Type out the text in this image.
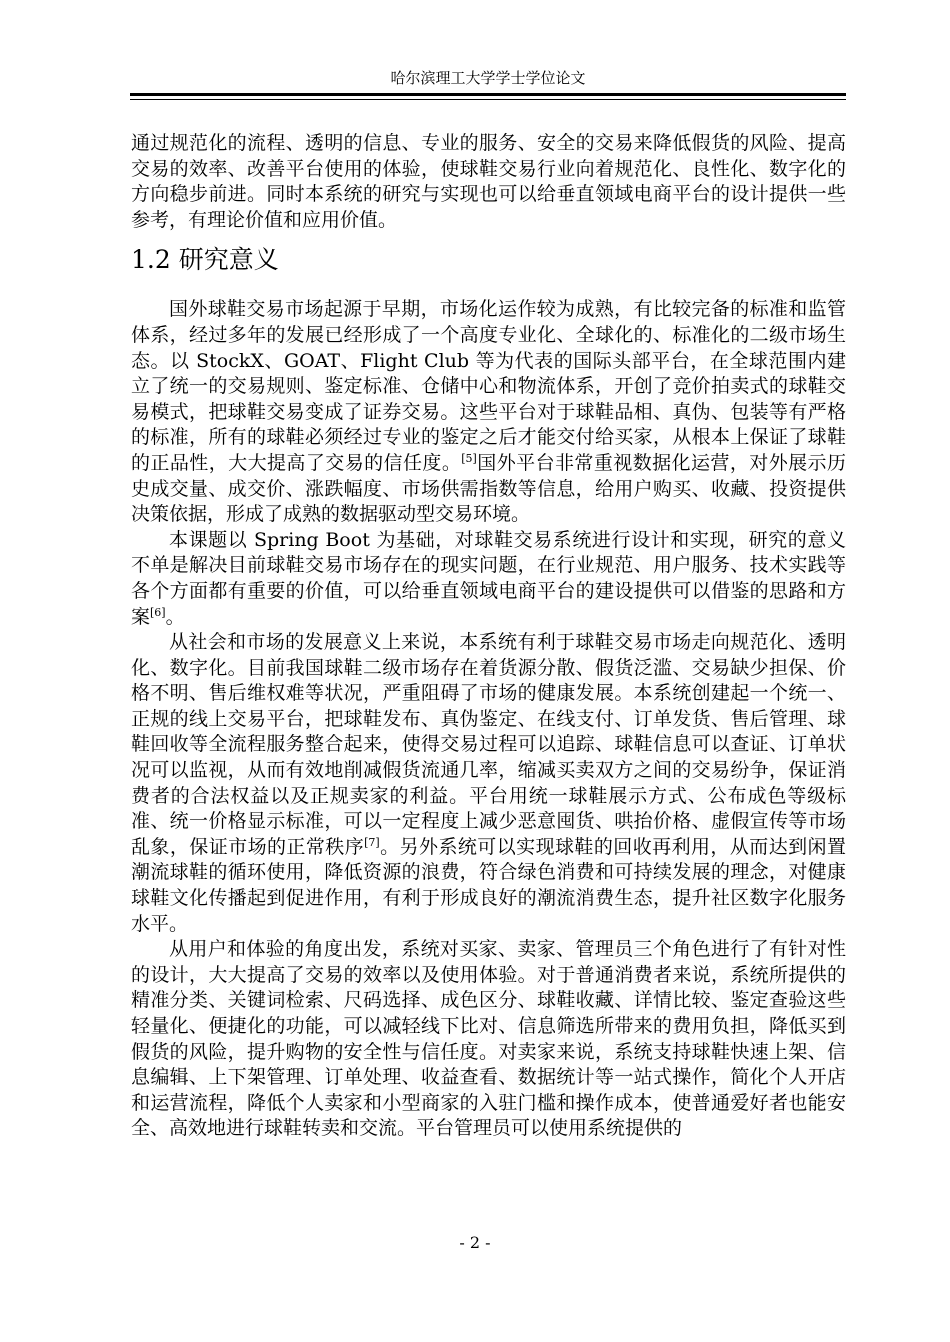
哈尔滨理工大学学士学位论文

通过规范化的流程、透明的信息、专业的服务、安全的交易来降低假货的风险、提高交易的效率、改善平台使用的体验，使球鞋交易行业向着规范化、良性化、数字化的方向稳步前进。同时本系统的研究与实现也可以给垂直领域电商平台的设计提供一些参考，有理论价值和应用价值。

1.2 研究意义

国外球鞋交易市场起源于早期，市场化运作较为成熟，有比较完备的标准和监管体系，经过多年的发展已经形成了一个高度专业化、全球化的、标准化的二级市场生态。以 StockX、GOAT、Flight Club 等为代表的国际头部平台，在全球范围内建立了统一的交易规则、鉴定标准、仓储中心和物流体系，开创了竞价拍卖式的球鞋交易模式，把球鞋交易变成了证券交易。这些平台对于球鞋品相、真伪、包装等有严格的标准，所有的球鞋必须经过专业的鉴定之后才能交付给买家，从根本上保证了球鞋的正品性，大大提高了交易的信任度。[5]国外平台非常重视数据化运营，对外展示历史成交量、成交价、涨跌幅度、市场供需指数等信息，给用户购买、收藏、投资提供决策依据，形成了成熟的数据驱动型交易环境。

本课题以 Spring Boot 为基础，对球鞋交易系统进行设计和实现，研究的意义不单是解决目前球鞋交易市场存在的现实问题，在行业规范、用户服务、技术实践等各个方面都有重要的价值，可以给垂直领域电商平台的建设提供可以借鉴的思路和方案[6]。

从社会和市场的发展意义上来说，本系统有利于球鞋交易市场走向规范化、透明化、数字化。目前我国球鞋二级市场存在着货源分散、假货泛滥、交易缺少担保、价格不明、售后维权难等状况，严重阻碍了市场的健康发展。本系统创建起一个统一、正规的线上交易平台，把球鞋发布、真伪鉴定、在线支付、订单发货、售后管理、球鞋回收等全流程服务整合起来，使得交易过程可以追踪、球鞋信息可以查证、订单状况可以监视，从而有效地削减假货流通几率，缩减买卖双方之间的交易纷争，保证消费者的合法权益以及正规卖家的利益。平台用统一球鞋展示方式、公布成色等级标准、统一价格显示标准，可以一定程度上减少恶意囤货、哄抬价格、虚假宣传等市场乱象，保证市场的正常秩序[7]。另外系统可以实现球鞋的回收再利用，从而达到闲置潮流球鞋的循环使用，降低资源的浪费，符合绿色消费和可持续发展的理念，对健康球鞋文化传播起到促进作用，有利于形成良好的潮流消费生态，提升社区数字化服务水平。

从用户和体验的角度出发，系统对买家、卖家、管理员三个角色进行了有针对性的设计，大大提高了交易的效率以及使用体验。对于普通消费者来说，系统所提供的精准分类、关键词检索、尺码选择、成色区分、球鞋收藏、详情比较、鉴定查验这些轻量化、便捷化的功能，可以减轻线下比对、信息筛选所带来的费用负担，降低买到假货的风险，提升购物的安全性与信任度。对卖家来说，系统支持球鞋快速上架、信息编辑、上下架管理、订单处理、收益查看、数据统计等一站式操作，简化个人开店和运营流程，降低个人卖家和小型商家的入驻门槛和操作成本，使普通爱好者也能安全、高效地进行球鞋转卖和交流。平台管理员可以使用系统提供的

- 2 -
